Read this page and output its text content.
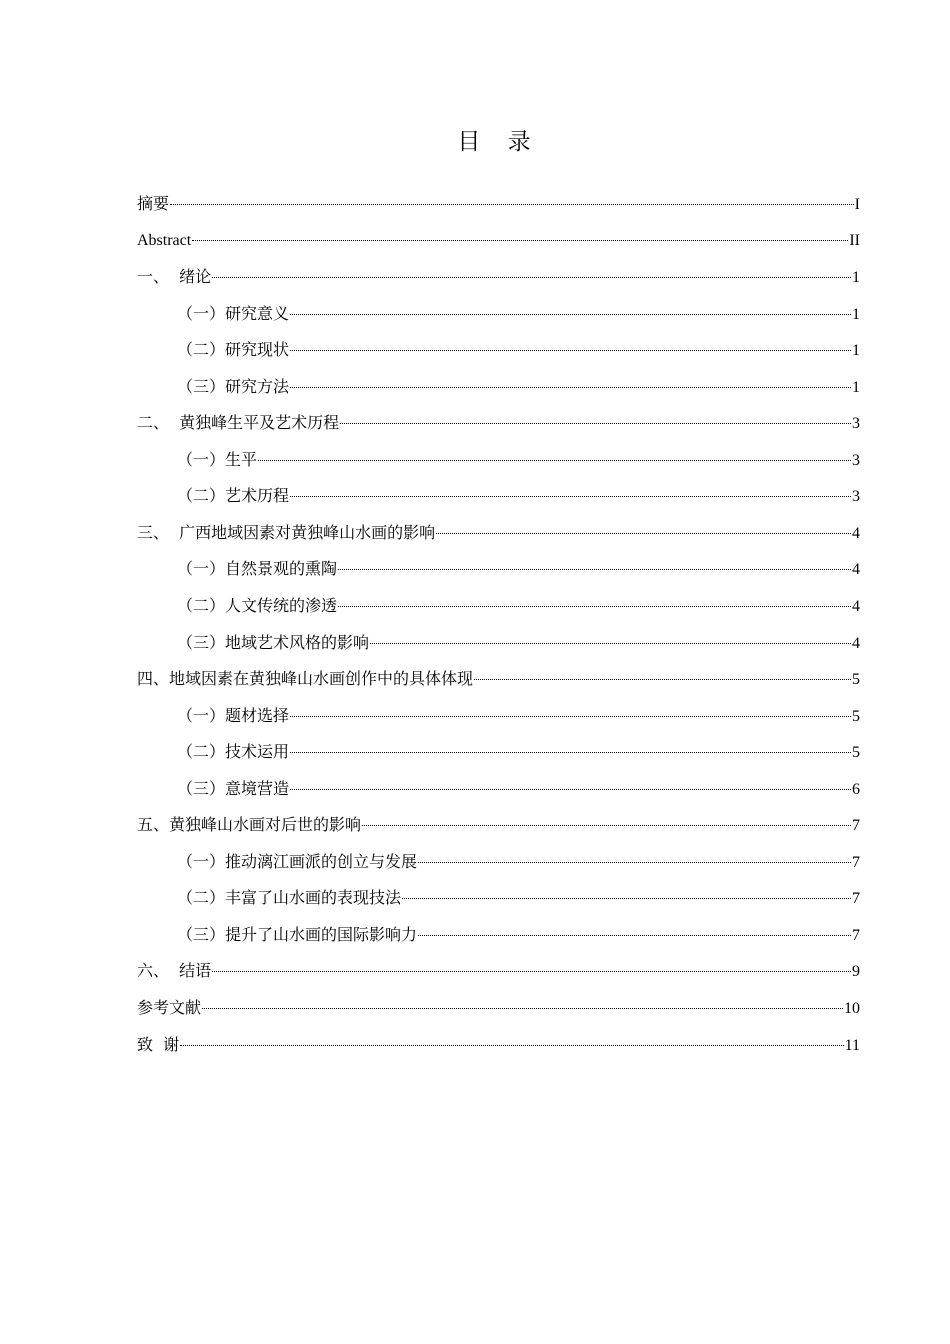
目 录
摘要	I
Abstract	II
一、  绪论	1
（一）研究意义	1
（二）研究现状	1
（三）研究方法	1
二、  黄独峰生平及艺术历程	3
（一）生平	3
（二）艺术历程	3
三、  广西地域因素对黄独峰山水画的影响	4
（一）自然景观的熏陶	4
（二）人文传统的渗透	4
（三）地域艺术风格的影响	4
四、地域因素在黄独峰山水画创作中的具体体现	5
（一）题材选择	5
（二）技术运用	5
（三）意境营造	6
五、黄独峰山水画对后世的影响	7
（一）推动漓江画派的创立与发展	7
（二）丰富了山水画的表现技法	7
（三）提升了山水画的国际影响力	7
六、  结语	9
参考文献	10
致  谢	11
